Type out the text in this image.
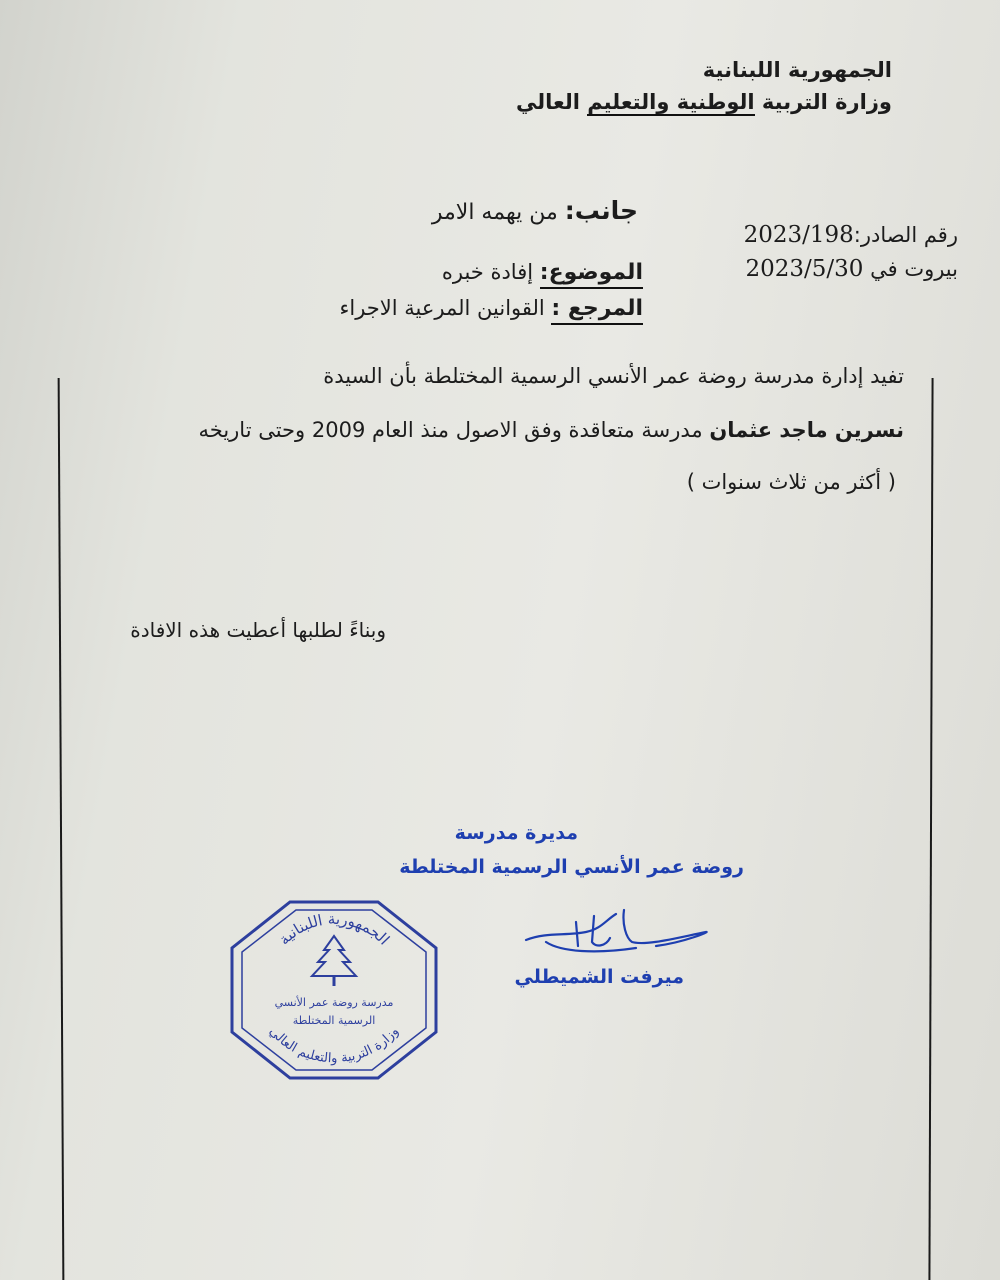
الجمهورية اللبنانية
وزارة التربية الوطنية والتعليم العالي
جانب: من يهمه الامر
رقم الصادر:2023/198
بيروت في 2023/5/30
الموضوع: إفادة خبره
المرجع : القوانين المرعية الاجراء
تفيد إدارة مدرسة روضة عمر الأنسي الرسمية المختلطة بأن السيدة
نسرين ماجد عثمان مدرسة متعاقدة وفق الاصول منذ العام 2009 وحتى تاريخه
( أكثر من ثلاث سنوات )
وبناءً لطلبها أعطيت هذه الافادة
مديرة مدرسة
روضة عمر الأنسي الرسمية المختلطة
ميرفت الشميطلي
الجمهورية اللبنانية
وزارة التربية والتعليم العالي
مدرسة روضة عمر الأنسي
الرسمية المختلطة
